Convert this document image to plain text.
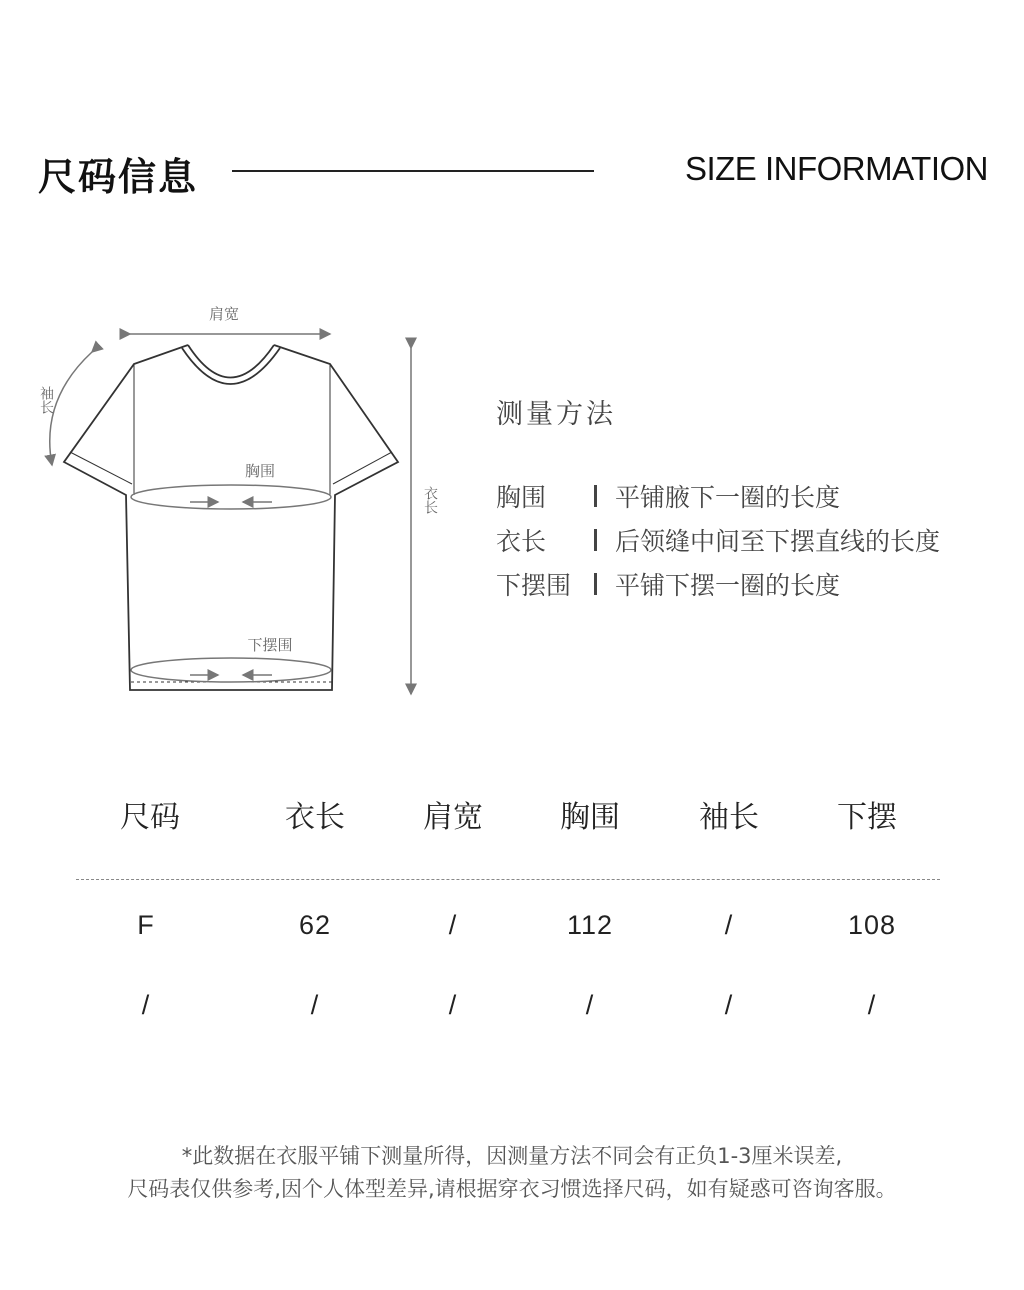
尺码信息	SIZE INFORMATION
肩宽
袖长
衣长
胸围
下摆围
测量方法
胸围	平铺腋下一圈的长度
衣长	后领缝中间至下摆直线的长度
下摆围	平铺下摆一圈的长度
尺码	衣长	肩宽	胸围	袖长	下摆
F	62	/	112	/	108
/	/	/	/	/	/
*此数据在衣服平铺下测量所得，因测量方法不同会有正负1-3厘米误差,
尺码表仅供参考,因个人体型差异,请根据穿衣习惯选择尺码，如有疑惑可咨询客服。
